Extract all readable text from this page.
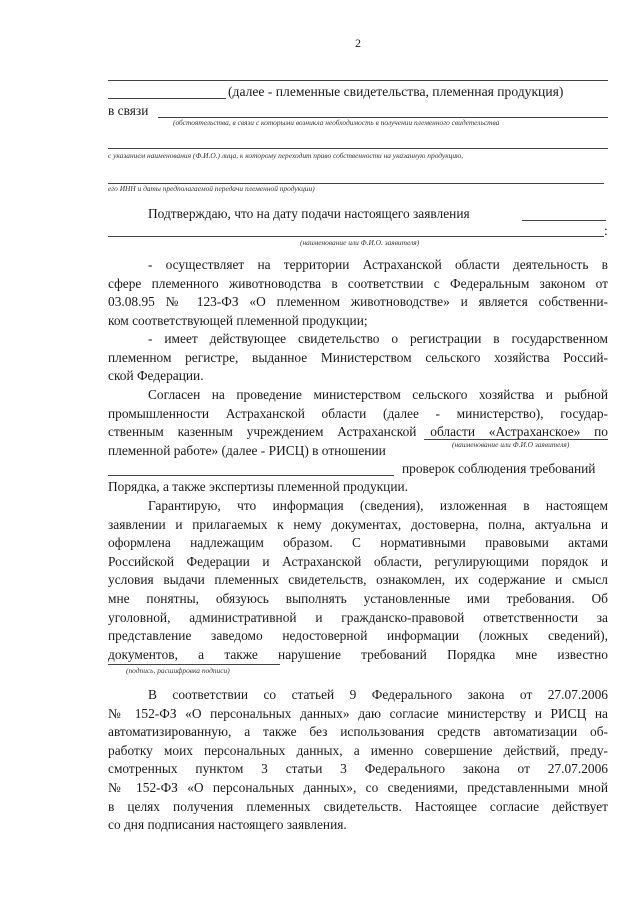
2
(далее - племенные свидетельства, племенная продукция)
в связи
(обстоятельства, в связи с которыми возникла необходимость в получении племенного свидетельства
с указанием наименования (Ф.И.О.) лица, к которому переходит право собственности на указанную продукцию,
его ИНН и даты предполагаемой передачи племенной продукции)
Подтверждаю, что на дату подачи настоящего заявления
:
(наименование или Ф.И.О. заявителя)
- осуществляет на территории Астраханской области деятельность в
сфере племенного животноводства в соответствии с Федеральным законом от
03.08.95 № 123-ФЗ «О племенном животноводстве» и является собственни-
ком соответствующей племенной продукции;
- имеет действующее свидетельство о регистрации в государственном
племенном регистре, выданное Министерством сельского хозяйства Россий-
ской Федерации.
Согласен на проведение министерством сельского хозяйства и рыбной
промышленности Астраханской области (далее - министерство), государ-
ственным казенным учреждением Астраханской области «Астраханское» по
племенной работе» (далее - РИСЦ) в отношении	(наименование или Ф.И.О заявителя)
проверок соблюдения требований
Порядка, а также экспертизы племенной продукции.
Гарантирую, что информация (сведения), изложенная в настоящем
заявлении и прилагаемых к нему документах, достоверна, полна, актуальна и
оформлена надлежащим образом. С нормативными правовыми актами
Российской Федерации и Астраханской области, регулирующими порядок и
условия выдачи племенных свидетельств, ознакомлен, их содержание и смысл
мне понятны, обязуюсь выполнять установленные ими требования. Об
уголовной, административной и гражданско-правовой ответственности за
представление заведомо недостоверной информации (ложных сведений),
документов, а также нарушение требований Порядка мне известно
(подпись, расшифровка подписи)
В соответствии со статьей 9 Федерального закона от 27.07.2006
№ 152-ФЗ «О персональных данных» даю согласие министерству и РИСЦ на
автоматизированную, а также без использования средств автоматизации об-
работку моих персональных данных, а именно совершение действий, преду-
смотренных пунктом 3 статьи 3 Федерального закона от 27.07.2006
№ 152-ФЗ «О персональных данных», со сведениями, представленными мной
в целях получения племенных свидетельств. Настоящее согласие действует
со дня подписания настоящего заявления.
